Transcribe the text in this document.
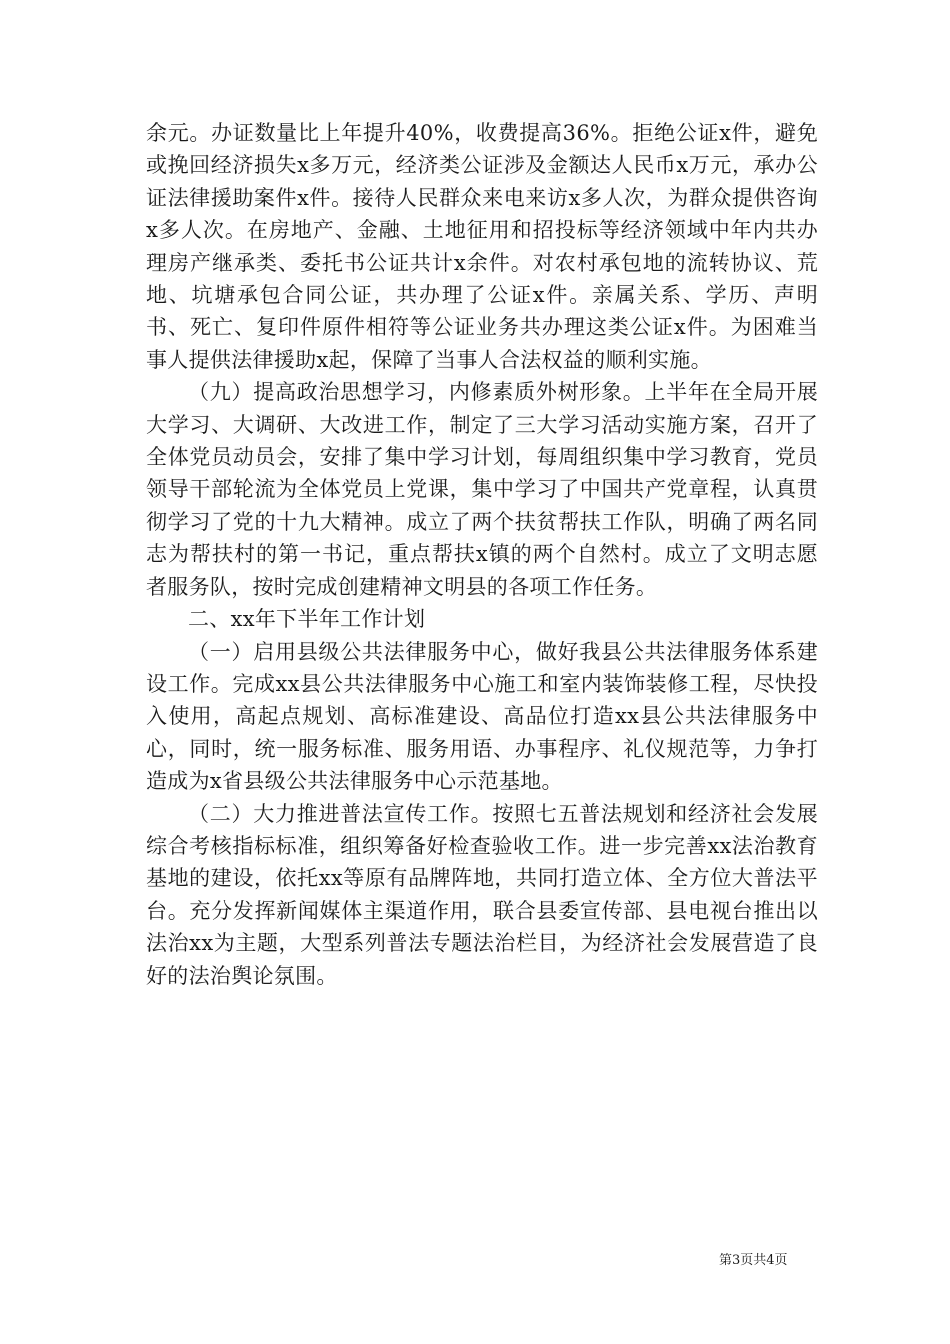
余元。办证数量比上年提升40%，收费提高36%。拒绝公证x件，避免或挽回经济损失x多万元，经济类公证涉及金额达人民币x万元，承办公证法律援助案件x件。接待人民群众来电来访x多人次，为群众提供咨询x多人次。在房地产、金融、土地征用和招投标等经济领域中年内共办理房产继承类、委托书公证共计x余件。对农村承包地的流转协议、荒地、坑塘承包合同公证，共办理了公证x件。亲属关系、学历、声明书、死亡、复印件原件相符等公证业务共办理这类公证x件。为困难当事人提供法律援助x起，保障了当事人合法权益的顺利实施。

（九）提高政治思想学习，内修素质外树形象。上半年在全局开展大学习、大调研、大改进工作，制定了三大学习活动实施方案，召开了全体党员动员会，安排了集中学习计划，每周组织集中学习教育，党员领导干部轮流为全体党员上党课，集中学习了中国共产党章程，认真贯彻学习了党的十九大精神。成立了两个扶贫帮扶工作队，明确了两名同志为帮扶村的第一书记，重点帮扶x镇的两个自然村。成立了文明志愿者服务队，按时完成创建精神文明县的各项工作任务。

二、xx年下半年工作计划

（一）启用县级公共法律服务中心，做好我县公共法律服务体系建设工作。完成xx县公共法律服务中心施工和室内装饰装修工程，尽快投入使用，高起点规划、高标准建设、高品位打造xx县公共法律服务中心，同时，统一服务标准、服务用语、办事程序、礼仪规范等，力争打造成为x省县级公共法律服务中心示范基地。

（二）大力推进普法宣传工作。按照七五普法规划和经济社会发展综合考核指标标准，组织筹备好检查验收工作。进一步完善xx法治教育基地的建设，依托xx等原有品牌阵地，共同打造立体、全方位大普法平台。充分发挥新闻媒体主渠道作用，联合县委宣传部、县电视台推出以法治xx为主题，大型系列普法专题法治栏目，为经济社会发展营造了良好的法治舆论氛围。

第3页共4页
